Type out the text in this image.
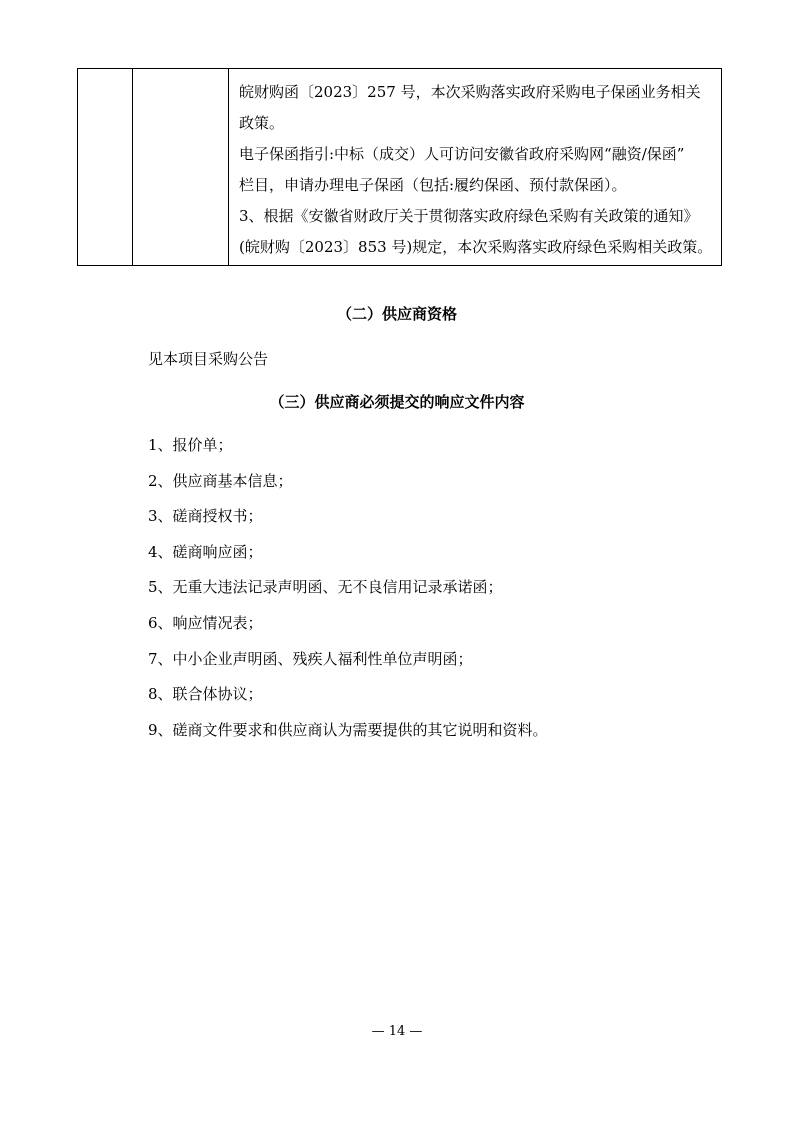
皖财购函〔2023〕257 号，本次采购落实政府采购电子保函业务相关

政策。

电子保函指引:中标（成交）人可访问安徽省政府采购网“融资/保函”

栏目，申请办理电子保函（包括:履约保函、预付款保函）。

3、根据《安徽省财政厅关于贯彻落实政府绿色采购有关政策的通知》

(皖财购〔2023〕853 号)规定，本次采购落实政府绿色采购相关政策。

（二）供应商资格
见本项目采购公告
（三）供应商必须提交的响应文件内容
1、报价单；
2、供应商基本信息；
3、磋商授权书；
4、磋商响应函；
5、无重大违法记录声明函、无不良信用记录承诺函；
6、响应情况表；
7、中小企业声明函、残疾人福利性单位声明函；
8、联合体协议；
9、磋商文件要求和供应商认为需要提供的其它说明和资料。
— 14 —
